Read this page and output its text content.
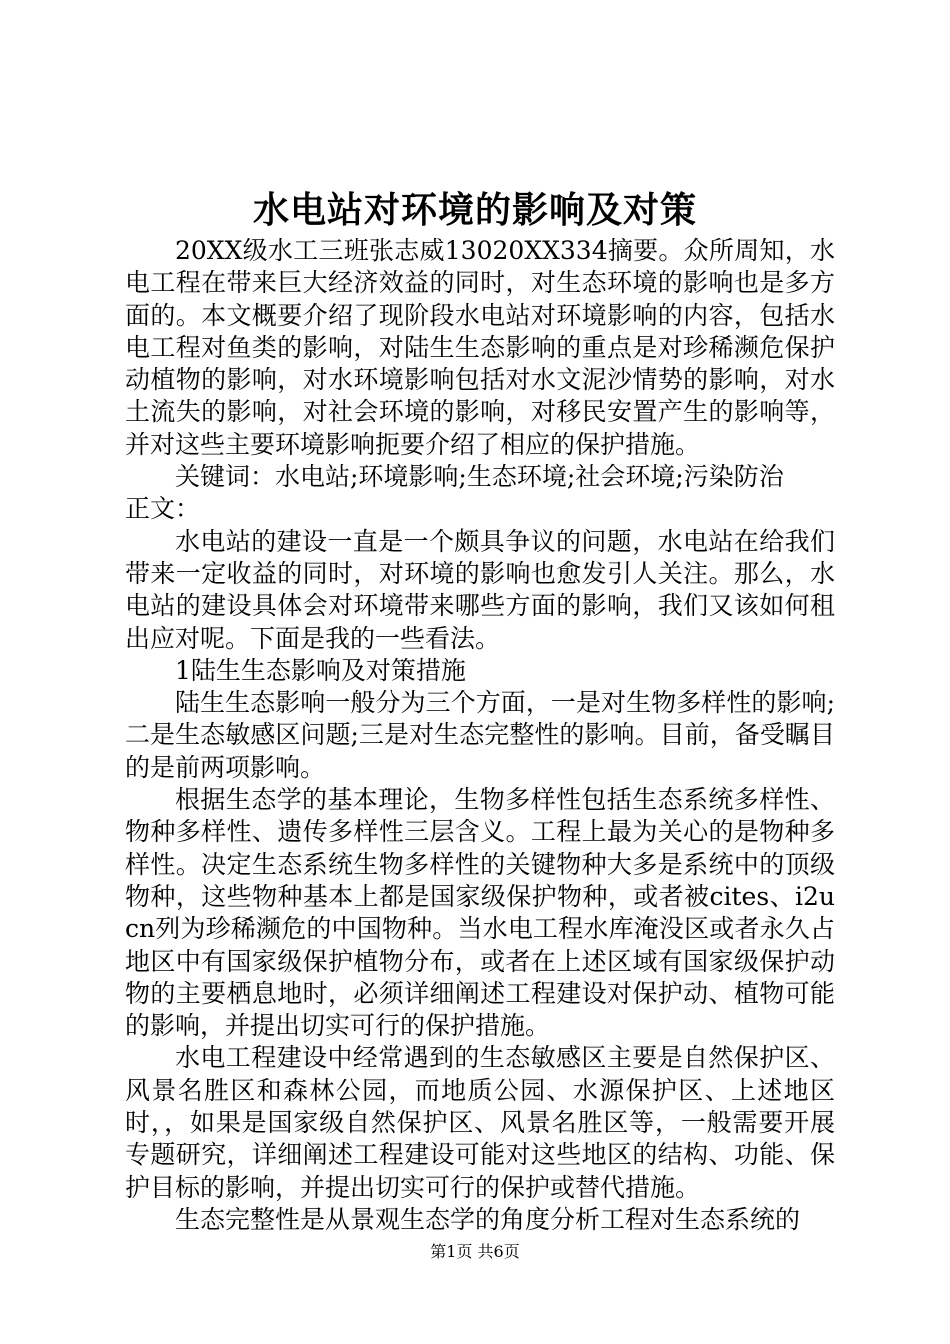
水电站对环境的影响及对策

20XX级水工三班张志威13020XX334摘要。众所周知，水电工程在带来巨大经济效益的同时，对生态环境的影响也是多方面的。本文概要介绍了现阶段水电站对环境影响的内容，包括水电工程对鱼类的影响，对陆生生态影响的重点是对珍稀濒危保护动植物的影响，对水环境影响包括对水文泥沙情势的影响，对水土流失的影响，对社会环境的影响，对移民安置产生的影响等，并对这些主要环境影响扼要介绍了相应的保护措施。

关键词：水电站;环境影响;生态环境;社会环境;污染防治

正文：

水电站的建设一直是一个颇具争议的问题，水电站在给我们带来一定收益的同时，对环境的影响也愈发引人关注。那么，水电站的建设具体会对环境带来哪些方面的影响，我们又该如何租出应对呢。下面是我的一些看法。

1陆生生态影响及对策措施

陆生生态影响一般分为三个方面，一是对生物多样性的影响;二是生态敏感区问题;三是对生态完整性的影响。目前，备受瞩目的是前两项影响。

根据生态学的基本理论，生物多样性包括生态系统多样性、物种多样性、遗传多样性三层含义。工程上最为关心的是物种多样性。决定生态系统生物多样性的关键物种大多是系统中的顶级物种，这些物种基本上都是国家级保护物种，或者被cites、i2ucn列为珍稀濒危的中国物种。当水电工程水库淹没区或者永久占地区中有国家级保护植物分布，或者在上述区域有国家级保护动物的主要栖息地时，必须详细阐述工程建设对保护动、植物可能的影响，并提出切实可行的保护措施。

水电工程建设中经常遇到的生态敏感区主要是自然保护区、风景名胜区和森林公园，而地质公园、水源保护区、上述地区时，，如果是国家级自然保护区、风景名胜区等，一般需要开展专题研究，详细阐述工程建设可能对这些地区的结构、功能、保护目标的影响，并提出切实可行的保护或替代措施。

生态完整性是从景观生态学的角度分析工程对生态系统的

第1页 共6页
